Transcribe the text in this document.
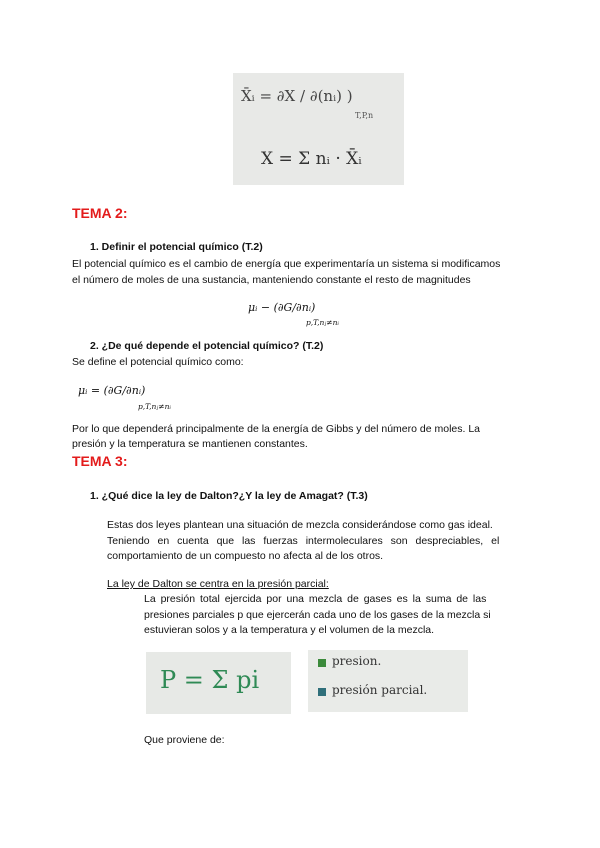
X̄ᵢ = ∂X / ∂(nᵢ) )
T,P,n
X = Σ nᵢ · X̄ᵢ
TEMA 2:
1. Definir el potencial químico (T.2)
El potencial químico es el cambio de energía que experimentaría un sistema si modificamos
el número de moles de una sustancia, manteniendo constante el resto de magnitudes
μᵢ − (∂G/∂nᵢ)
p,T,nⱼ≠nᵢ
2. ¿De qué depende el potencial químico? (T.2)
Se define el potencial químico como:
μᵢ = (∂G/∂nᵢ)
p,T,nⱼ≠nᵢ
Por lo que dependerá principalmente de la energía de Gibbs y del número de moles. La
presión y la temperatura se mantienen constantes.
TEMA 3:
1. ¿Qué dice la ley de Dalton?¿Y la ley de Amagat? (T.3)
Estas dos leyes plantean una situación de mezcla considerándose como gas ideal.
Teniendo en cuenta que las fuerzas intermoleculares son despreciables, el
comportamiento de un compuesto no afecta al de los otros.
La ley de Dalton se centra en la presión parcial:
La presión total ejercida por una mezcla de gases es la suma de las
presiones parciales p que ejercerán cada uno de los gases de la mezcla si
estuvieran solos y a la temperatura y el volumen de la mezcla.
P = Σ pi
presion.
presión parcial.
Que proviene de:
